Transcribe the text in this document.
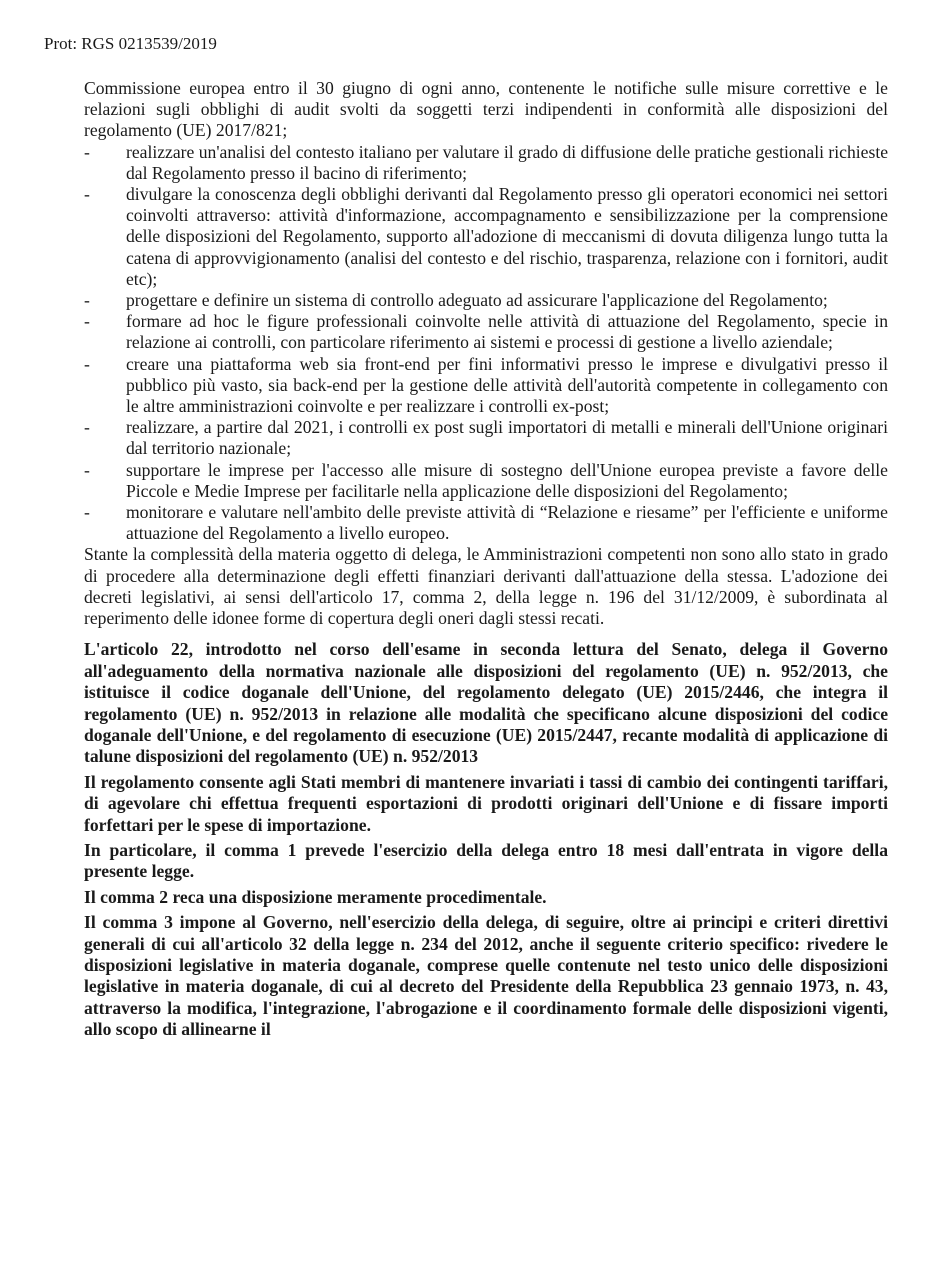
Prot: RGS 0213539/2019

Commissione europea entro il 30 giugno di ogni anno, contenente le notifiche sulle misure correttive e le relazioni sugli obblighi di audit svolti da soggetti terzi indipendenti in conformità alle disposizioni del regolamento (UE) 2017/821;

- realizzare un'analisi del contesto italiano per valutare il grado di diffusione delle pratiche gestionali richieste dal Regolamento presso il bacino di riferimento;
- divulgare la conoscenza degli obblighi derivanti dal Regolamento presso gli operatori economici nei settori coinvolti attraverso: attività d'informazione, accompagnamento e sensibilizzazione per la comprensione delle disposizioni del Regolamento, supporto all'adozione di meccanismi di dovuta diligenza lungo tutta la catena di approvvigionamento (analisi del contesto e del rischio, trasparenza, relazione con i fornitori, audit etc);
- progettare e definire un sistema di controllo adeguato ad assicurare l'applicazione del Regolamento;
- formare ad hoc le figure professionali coinvolte nelle attività di attuazione del Regolamento, specie in relazione ai controlli, con particolare riferimento ai sistemi e processi di gestione a livello aziendale;
- creare una piattaforma web sia front-end per fini informativi presso le imprese e divulgativi presso il pubblico più vasto, sia back-end per la gestione delle attività dell'autorità competente in collegamento con le altre amministrazioni coinvolte e per realizzare i controlli ex-post;
- realizzare, a partire dal 2021, i controlli ex post sugli importatori di metalli e minerali dell'Unione originari dal territorio nazionale;
- supportare le imprese per l'accesso alle misure di sostegno dell'Unione europea previste a favore delle Piccole e Medie Imprese per facilitarle nella applicazione delle disposizioni del Regolamento;
- monitorare e valutare nell'ambito delle previste attività di “Relazione e riesame” per l'efficiente e uniforme attuazione del Regolamento a livello europeo.

Stante la complessità della materia oggetto di delega, le Amministrazioni competenti non sono allo stato in grado di procedere alla determinazione degli effetti finanziari derivanti dall'attuazione della stessa. L'adozione dei decreti legislativi, ai sensi dell'articolo 17, comma 2, della legge n. 196 del 31/12/2009, è subordinata al reperimento delle idonee forme di copertura degli oneri dagli stessi recati.

L'articolo 22, introdotto nel corso dell'esame in seconda lettura del Senato, delega il Governo all'adeguamento della normativa nazionale alle disposizioni del regolamento (UE) n. 952/2013, che istituisce il codice doganale dell'Unione, del regolamento delegato (UE) 2015/2446, che integra il regolamento (UE) n. 952/2013 in relazione alle modalità che specificano alcune disposizioni del codice doganale dell'Unione, e del regolamento di esecuzione (UE) 2015/2447, recante modalità di applicazione di talune disposizioni del regolamento (UE) n. 952/2013

Il regolamento consente agli Stati membri di mantenere invariati i tassi di cambio dei contingenti tariffari, di agevolare chi effettua frequenti esportazioni di prodotti originari dell'Unione e di fissare importi forfettari per le spese di importazione.

In particolare, il comma 1 prevede l'esercizio della delega entro 18 mesi dall'entrata in vigore della presente legge.

Il comma 2 reca una disposizione meramente procedimentale.

Il comma 3 impone al Governo, nell'esercizio della delega, di seguire, oltre ai principi e criteri direttivi generali di cui all'articolo 32 della legge n. 234 del 2012, anche il seguente criterio specifico: rivedere le disposizioni legislative in materia doganale, comprese quelle contenute nel testo unico delle disposizioni legislative in materia doganale, di cui al decreto del Presidente della Repubblica 23 gennaio 1973, n. 43, attraverso la modifica, l'integrazione, l'abrogazione e il coordinamento formale delle disposizioni vigenti, allo scopo di allinearne il
